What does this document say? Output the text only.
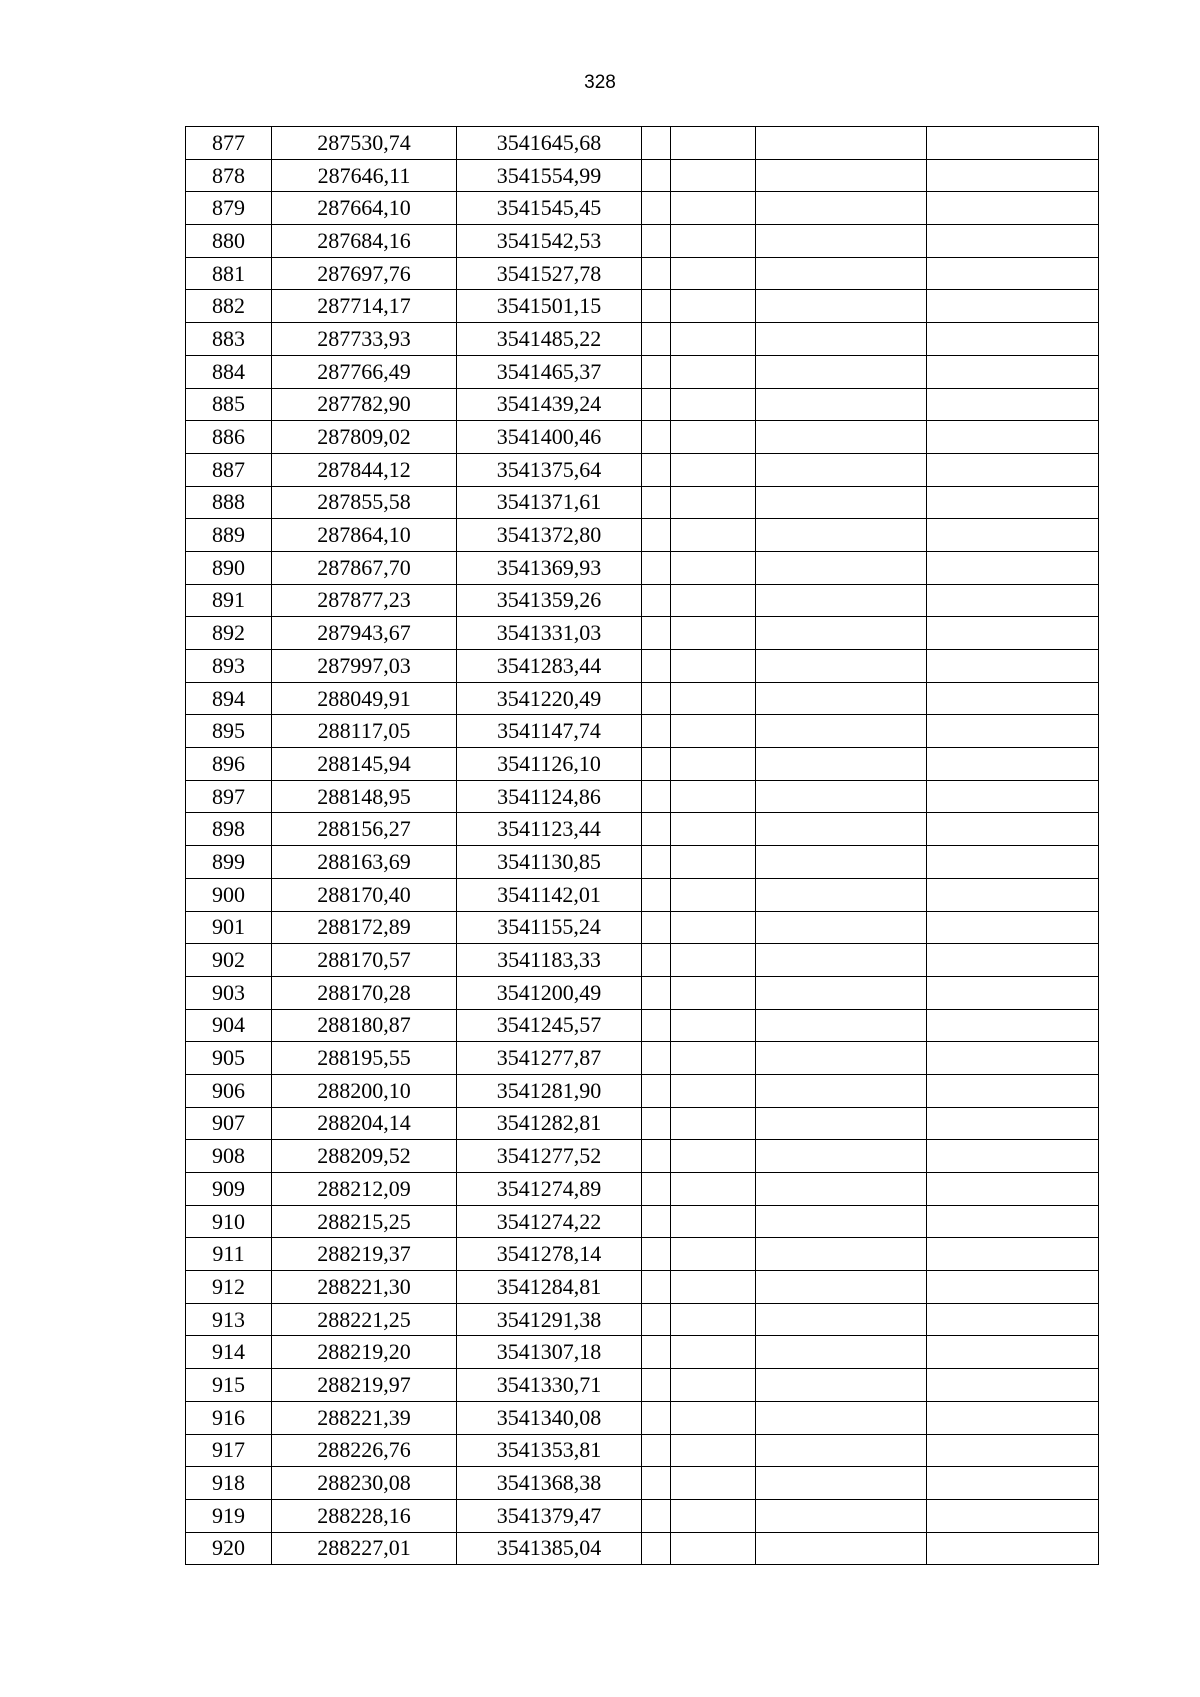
328
877	287530,74	3541645,68				
878	287646,11	3541554,99				
879	287664,10	3541545,45				
880	287684,16	3541542,53				
881	287697,76	3541527,78				
882	287714,17	3541501,15				
883	287733,93	3541485,22				
884	287766,49	3541465,37				
885	287782,90	3541439,24				
886	287809,02	3541400,46				
887	287844,12	3541375,64				
888	287855,58	3541371,61				
889	287864,10	3541372,80				
890	287867,70	3541369,93				
891	287877,23	3541359,26				
892	287943,67	3541331,03				
893	287997,03	3541283,44				
894	288049,91	3541220,49				
895	288117,05	3541147,74				
896	288145,94	3541126,10				
897	288148,95	3541124,86				
898	288156,27	3541123,44				
899	288163,69	3541130,85				
900	288170,40	3541142,01				
901	288172,89	3541155,24				
902	288170,57	3541183,33				
903	288170,28	3541200,49				
904	288180,87	3541245,57				
905	288195,55	3541277,87				
906	288200,10	3541281,90				
907	288204,14	3541282,81				
908	288209,52	3541277,52				
909	288212,09	3541274,89				
910	288215,25	3541274,22				
911	288219,37	3541278,14				
912	288221,30	3541284,81				
913	288221,25	3541291,38				
914	288219,20	3541307,18				
915	288219,97	3541330,71				
916	288221,39	3541340,08				
917	288226,76	3541353,81				
918	288230,08	3541368,38				
919	288228,16	3541379,47				
920	288227,01	3541385,04				
